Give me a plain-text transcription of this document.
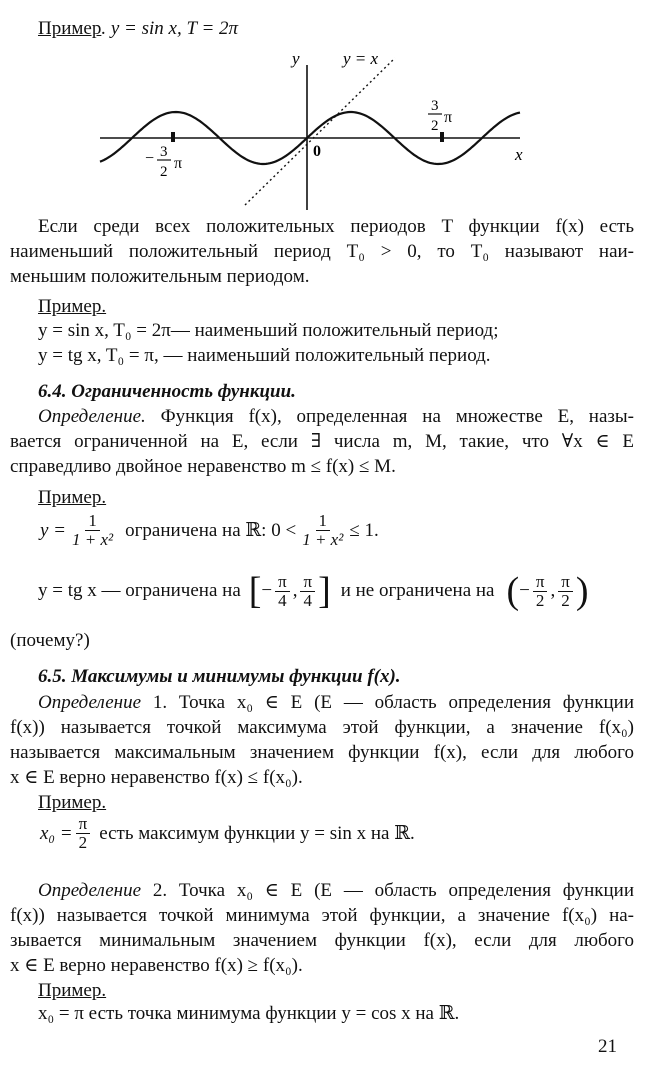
Пример. y = sin x, T = 2π
y	y = x
x
0
3
2 π
− 3
2 π
Если среди всех положительных периодов T функции f(x) есть
наименьший положительный период T₀ > 0, то T₀ называют наи-
меньшим положительным периодом.
Пример.
y = sin x, T₀ = 2π— наименьший положительный период;
y = tg x, T₀ = π, — наименьший положительный период.
6.4. Ограниченность функции.
Определение. Функция f(x), определенная на множестве E, назы-
вается ограниченной на E, если ∃ числа m, M, такие, что ∀x ∈ E
справедливо двойное неравенство m ≤ f(x) ≤ M.
Пример.
$y = \frac{1}{\text{1 + x²}}$ ограничена на ℝ: $0 < \frac{1}{\text{1 + x²}} \le 1$.
y = tg x — ограничена на [ − $\frac{\pi}{4}$ , $\frac{\pi}{4}$ ] и не ограничена на ( − $\frac{\pi}{2}$ , $\frac{\pi}{2}$ )
(почему?)
6.5. Максимумы и минимумы функции f(x).
Определение 1. Точка x₀ ∈ E (E — область определения функции
f(x)) называется точкой максимума этой функции, а значение f(x₀)
называется максимальным значением функции f(x), если для любого
x ∈ E верно неравенство f(x) ≤ f(x₀).
Пример.
$x_0 = \frac{\pi}{2}$ есть максимум функции y = sin x на ℝ.
Определение 2. Точка x₀ ∈ E (E — область определения функции
f(x)) называется точкой минимума этой функции, а значение f(x₀) на-
зывается минимальным значением функции f(x), если для любого
x ∈ E верно неравенство f(x) ≥ f(x₀).
Пример.
x₀ = π есть точка минимума функции y = cos x на ℝ.
21
